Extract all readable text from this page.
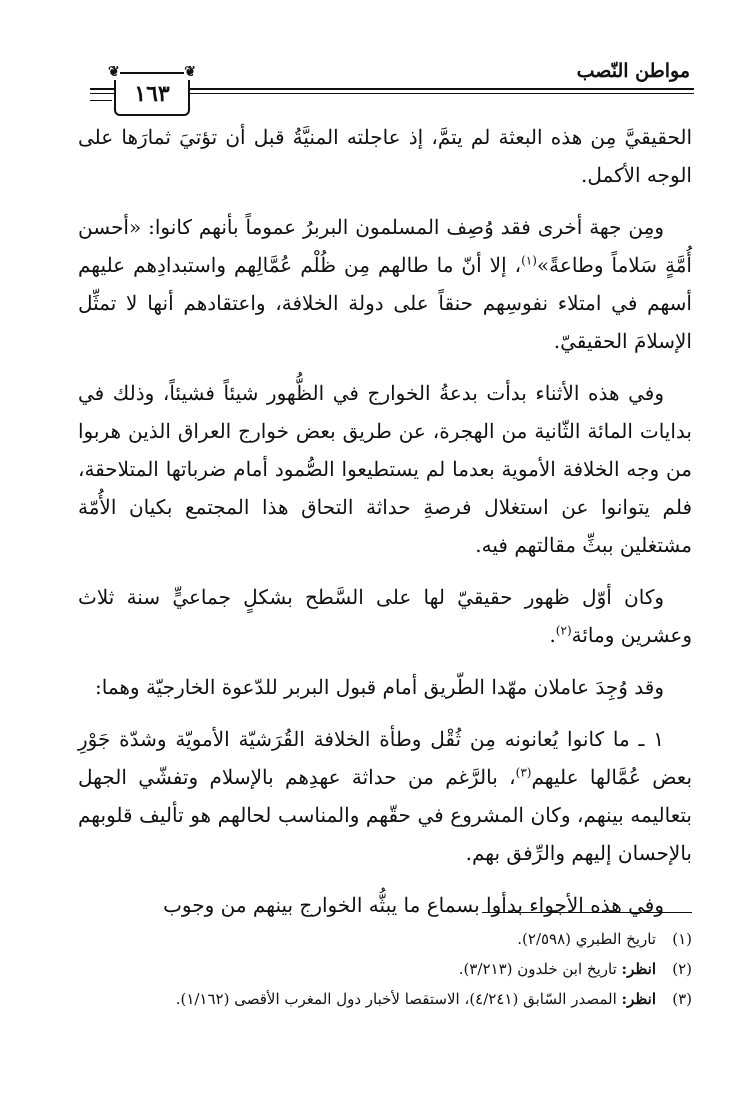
مواطن النّصب
❦ ١٦٣ ❦

الحقيقيَّ مِن هذه البعثة لم يتمَّ، إذ عاجلته المنيَّةُ قبل أن تؤتيَ ثمارَها على الوجه الأكمل.

ومِن جهة أخرى فقد وُصِف المسلمون البربرُ عموماً بأنهم كانوا: «أحسن أُمَّةٍ سَلاماً وطاعةً»$^{(١)}$، إلا أنّ ما طالهم مِن ظُلْم عُمَّالِهم واستبدادِهم عليهم أسهم في امتلاء نفوسِهم حنقاً على دولة الخلافة، واعتقادهم أنها لا تمثِّل الإسلامَ الحقيقيّ.

وفي هذه الأثناء بدأت بدعةُ الخوارج في الظُّهور شيئاً فشيئاً، وذلك في بدايات المائة الثّانية من الهجرة، عن طريق بعض خوارج العراق الذين هربوا من وجه الخلافة الأموية بعدما لم يستطيعوا الصُّمود أمام ضرباتها المتلاحقة، فلم يتوانوا عن استغلال فرصةِ حداثة التحاق هذا المجتمع بكيان الأُمّة مشتغلين ببثِّ مقالتهم فيه.

وكان أوّل ظهور حقيقيّ لها على السَّطح بشكلٍ جماعيٍّ سنة ثلاث وعشرين ومائة$^{(٢)}$.

وقد وُجِدَ عاملان مهّدا الطّريق أمام قبول البربر للدّعوة الخارجيّة وهما:

١ ـ ما كانوا يُعانونه مِن ثُقْل وطأة الخلافة القُرَشيّة الأمويّة وشدّة جَوْرِ بعض عُمَّالها عليهم$^{(٣)}$، بالرَّغم من حداثة عهدِهم بالإسلام وتفشّي الجهل بتعاليمه بينهم، وكان المشروع في حقّهم والمناسب لحالهم هو تأليف قلوبهم بالإحسان إليهم والرِّفق بهم.

وفي هذه الأجواء بدأوا بسماع ما يبثُّه الخوارج بينهم من وجوب

(١)
تاريخ الطبري (٢/٥٩٨).
(٢)
انظر: تاريخ ابن خلدون (٣/٢١٣).
(٣)
انظر: المصدر السّابق (٤/٢٤١)، الاستقصا لأخبار دول المغرب الأقصى (١/١٦٢).
